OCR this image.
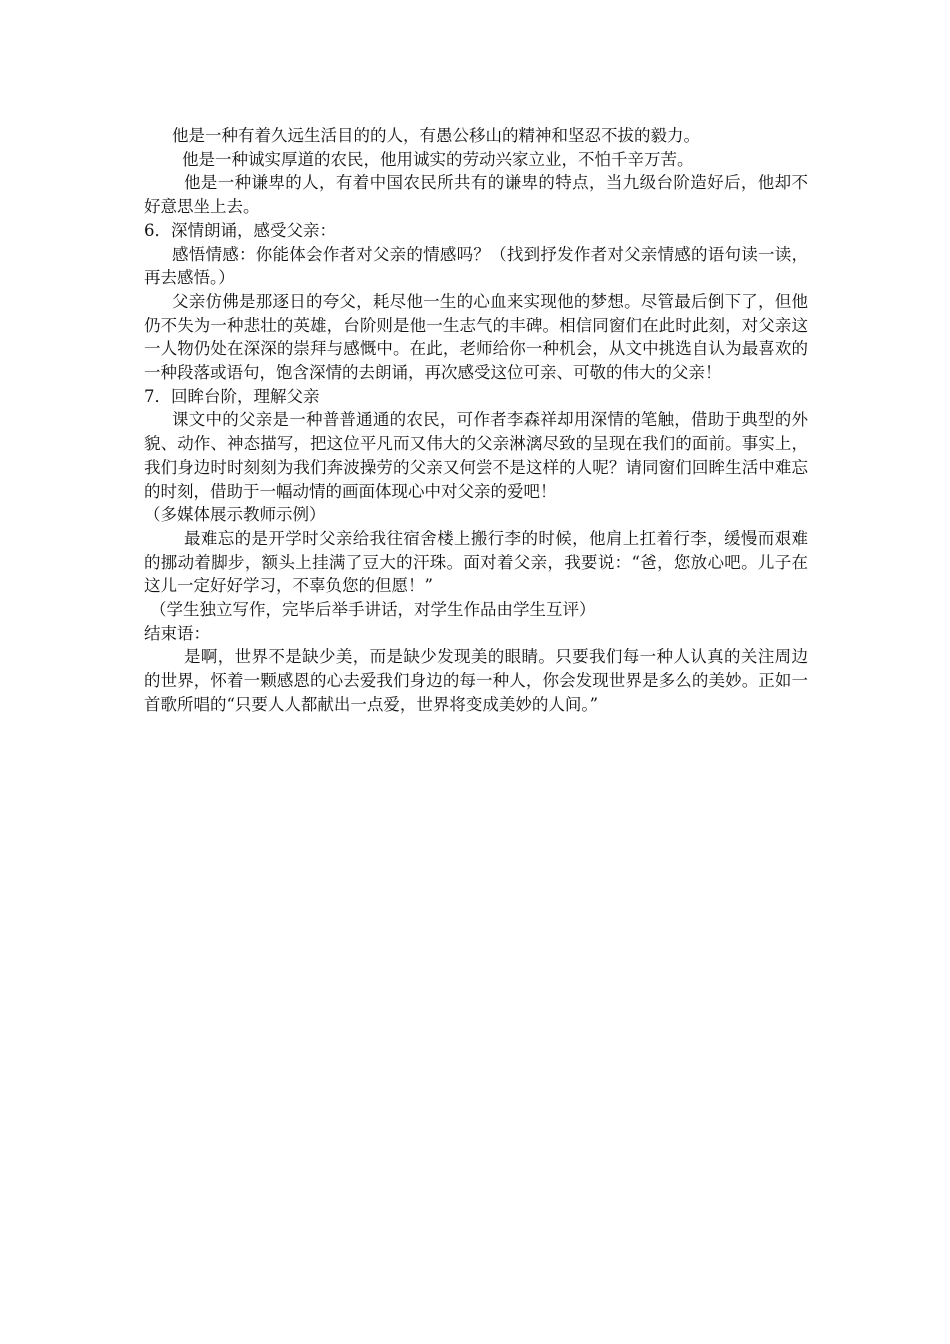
他是一种有着久远生活目的的人，有愚公移山的精神和坚忍不拔的毅力。

他是一种诚实厚道的农民，他用诚实的劳动兴家立业，不怕千辛万苦。

他是一种谦卑的人，有着中国农民所共有的谦卑的特点，当九级台阶造好后，他却不　好意思坐上去。

6．深情朗诵，感受父亲：

感悟情感：你能体会作者对父亲的情感吗？（找到抒发作者对父亲情感的语句读一读，再去感悟。）

父亲仿佛是那逐日的夸父，耗尽他一生的心血来实现他的梦想。尽管最后倒下了，但他仍不失为一种悲壮的英雄，台阶则是他一生志气的丰碑。相信同窗们在此时此刻，对父亲这一人物仍处在深深的崇拜与感慨中。在此，老师给你一种机会，从文中挑选自认为最喜欢的一种段落或语句，饱含深情的去朗诵，再次感受这位可亲、可敬的伟大的父亲！

7．回眸台阶，理解父亲

课文中的父亲是一种普普通通的农民，可作者李森祥却用深情的笔触，借助于典型的外貌、动作、神态描写，把这位平凡而又伟大的父亲淋漓尽致的呈现在我们的面前。事实上，我们身边时时刻刻为我们奔波操劳的父亲又何尝不是这样的人呢？请同窗们回眸生活中难忘的时刻，借助于一幅动情的画面体现心中对父亲的爱吧！

（多媒体展示教师示例）

最难忘的是开学时父亲给我往宿舍楼上搬行李的时候，他肩上扛着行李，缓慢而艰难的挪动着脚步，额头上挂满了豆大的汗珠。面对着父亲，我要说：“爸，您放心吧。儿子在这儿一定好好学习，不辜负您的但愿！”

（学生独立写作，完毕后举手讲话，对学生作品由学生互评）

结束语：

是啊，世界不是缺少美，而是缺少发现美的眼睛。只要我们每一种人认真的关注周边的世界，怀着一颗感恩的心去爱我们身边的每一种人，你会发现世界是多么的美妙。正如一首歌所唱的“只要人人都献出一点爱，世界将变成美妙的人间。”
